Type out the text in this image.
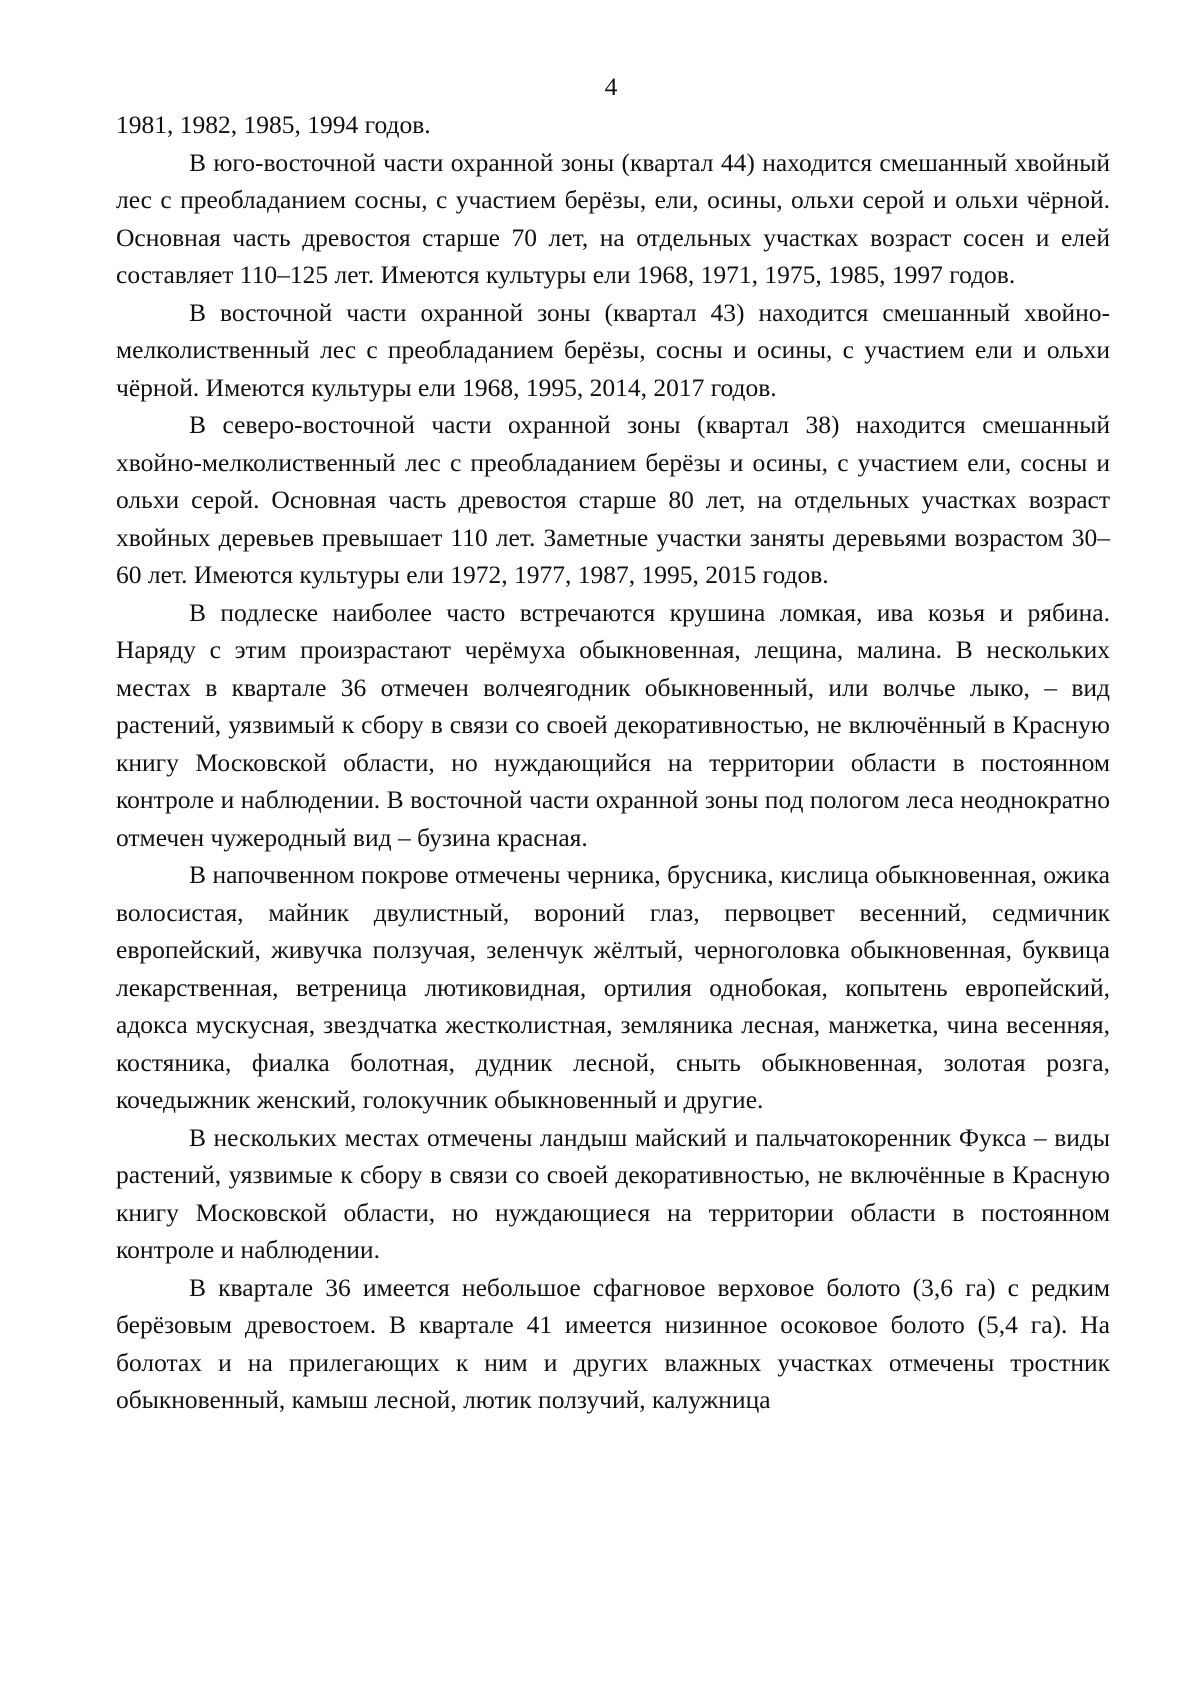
4

1981, 1982, 1985, 1994 годов.

В юго-восточной части охранной зоны (квартал 44) находится смешанный хвойный лес с преобладанием сосны, с участием берёзы, ели, осины, ольхи серой и ольхи чёрной. Основная часть древостоя старше 70 лет, на отдельных участках возраст сосен и елей составляет 110–125 лет. Имеются культуры ели 1968, 1971, 1975, 1985, 1997 годов.

В восточной части охранной зоны (квартал 43) находится смешанный хвойно-мелколиственный лес с преобладанием берёзы, сосны и осины, с участием ели и ольхи чёрной. Имеются культуры ели 1968, 1995, 2014, 2017 годов.

В северо-восточной части охранной зоны (квартал 38) находится смешанный хвойно-мелколиственный лес с преобладанием берёзы и осины, с участием ели, сосны и ольхи серой. Основная часть древостоя старше 80 лет, на отдельных участках возраст хвойных деревьев превышает 110 лет. Заметные участки заняты деревьями возрастом 30–60 лет. Имеются культуры ели 1972, 1977, 1987, 1995, 2015 годов.

В подлеске наиболее часто встречаются крушина ломкая, ива козья и рябина. Наряду с этим произрастают черёмуха обыкновенная, лещина, малина. В нескольких местах в квартале 36 отмечен волчеягодник обыкновенный, или волчье лыко, – вид растений, уязвимый к сбору в связи со своей декоративностью, не включённый в Красную книгу Московской области, но нуждающийся на территории области в постоянном контроле и наблюдении. В восточной части охранной зоны под пологом леса неоднократно отмечен чужеродный вид – бузина красная.

В напочвенном покрове отмечены черника, брусника, кислица обыкновенная, ожика волосистая, майник двулистный, вороний глаз, первоцвет весенний, седмичник европейский, живучка ползучая, зеленчук жёлтый, черноголовка обыкновенная, буквица лекарственная, ветреница лютиковидная, ортилия однобокая, копытень европейский, адокса мускусная, звездчатка жестколистная, земляника лесная, манжетка, чина весенняя, костяника, фиалка болотная, дудник лесной, сныть обыкновенная, золотая розга, кочедыжник женский, голокучник обыкновенный и другие.

В нескольких местах отмечены ландыш майский и пальчатокоренник Фукса – виды растений, уязвимые к сбору в связи со своей декоративностью, не включённые в Красную книгу Московской области, но нуждающиеся на территории области в постоянном контроле и наблюдении.

В квартале 36 имеется небольшое сфагновое верховое болото (3,6 га) с редким берёзовым древостоем. В квартале 41 имеется низинное осоковое болото (5,4 га). На болотах и на прилегающих к ним и других влажных участках отмечены тростник обыкновенный, камыш лесной, лютик ползучий, калужница
